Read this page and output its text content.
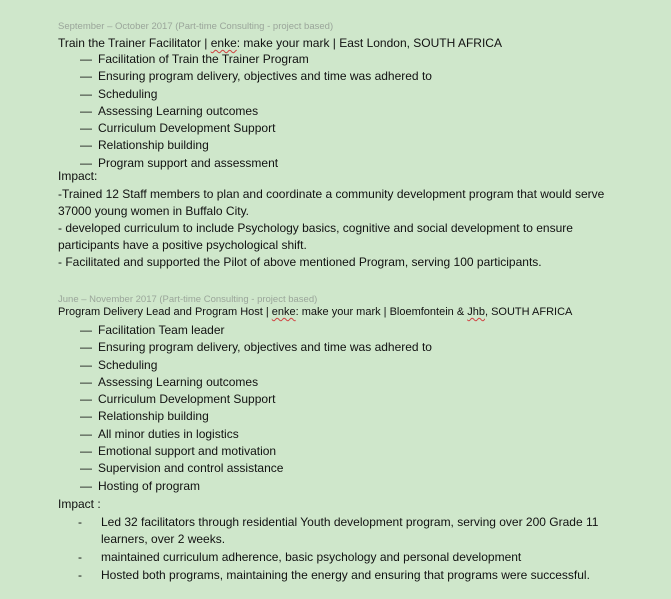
September – October 2017 (Part-time Consulting - project based)
Train the Trainer Facilitator | enke: make your mark | East London, SOUTH AFRICA
— Facilitation of Train the Trainer Program
— Ensuring program delivery, objectives and time was adhered to
— Scheduling
— Assessing Learning outcomes
— Curriculum Development Support
— Relationship building
— Program support and assessment
Impact:

-Trained 12 Staff members to plan and coordinate a community development program that would serve 37000 young women in Buffalo City.

- developed curriculum to include Psychology basics, cognitive and social development to ensure participants have a positive psychological shift.

- Facilitated and supported the Pilot of above mentioned Program, serving 100 participants.

June – November 2017 (Part-time Consulting - project based)
Program Delivery Lead and Program Host | enke: make your mark | Bloemfontein & Jhb, SOUTH AFRICA
— Facilitation Team leader
— Ensuring program delivery, objectives and time was adhered to
— Scheduling
— Assessing Learning outcomes
— Curriculum Development Support
— Relationship building
— All minor duties in logistics
— Emotional support and motivation
— Supervision and control assistance
— Hosting of program
Impact :
- Led 32 facilitators through residential Youth development program, serving over 200 Grade 11 learners, over 2 weeks.
- maintained curriculum adherence, basic psychology and personal development
- Hosted both programs, maintaining the energy and ensuring that programs were successful.
